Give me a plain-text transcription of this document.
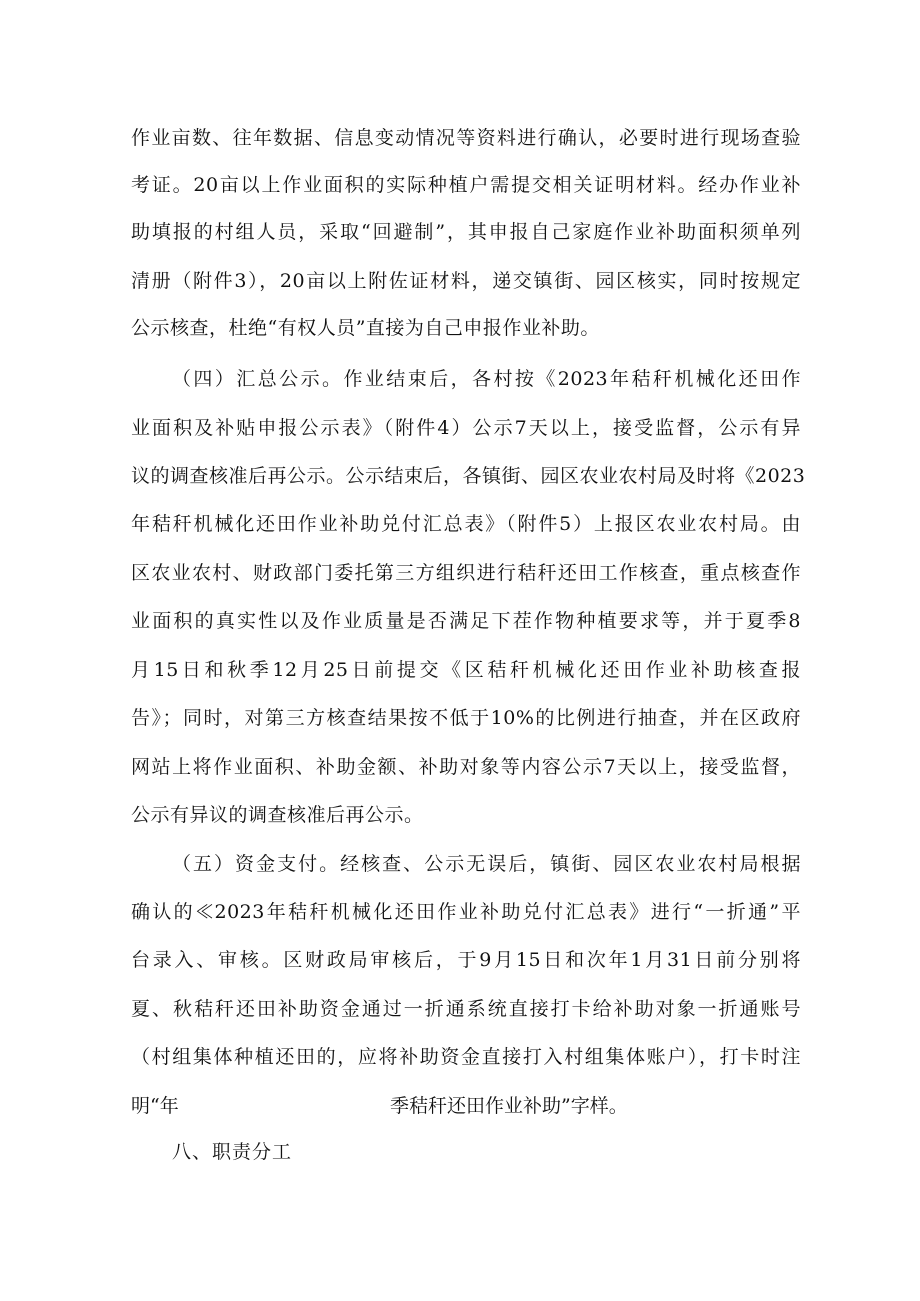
作业亩数、往年数据、信息变动情况等资料进行确认，必要时进行现场查验
考证。20亩以上作业面积的实际种植户需提交相关证明材料。经办作业补
助填报的村组人员，采取“回避制”，其申报自己家庭作业补助面积须单列
清册（附件3），20亩以上附佐证材料，递交镇街、园区核实，同时按规定
公示核查，杜绝“有权人员”直接为自己申报作业补助。
（四）汇总公示。作业结束后，各村按《2023年秸秆机械化还田作
业面积及补贴申报公示表》（附件4）公示7天以上，接受监督，公示有异
议的调查核准后再公示。公示结束后，各镇街、园区农业农村局及时将《2023
年秸秆机械化还田作业补助兑付汇总表》（附件5）上报区农业农村局。由
区农业农村、财政部门委托第三方组织进行秸秆还田工作核查，重点核查作
业面积的真实性以及作业质量是否满足下茬作物种植要求等，并于夏季8
月15日和秋季12月25日前提交《区秸秆机械化还田作业补助核查报
告》；同时，对第三方核查结果按不低于10%的比例进行抽查，并在区政府
网站上将作业面积、补助金额、补助对象等内容公示7天以上，接受监督，
公示有异议的调查核准后再公示。
（五）资金支付。经核查、公示无误后，镇街、园区农业农村局根据
确认的≪2023年秸秆机械化还田作业补助兑付汇总表》进行“一折通”平
台录入、审核。区财政局审核后，于9月15日和次年1月31日前分别将
夏、秋秸秆还田补助资金通过一折通系统直接打卡给补助对象一折通账号
（村组集体种植还田的，应将补助资金直接打入村组集体账户），打卡时注
明“年	季秸秆还田作业补助”字样。
八、职责分工
